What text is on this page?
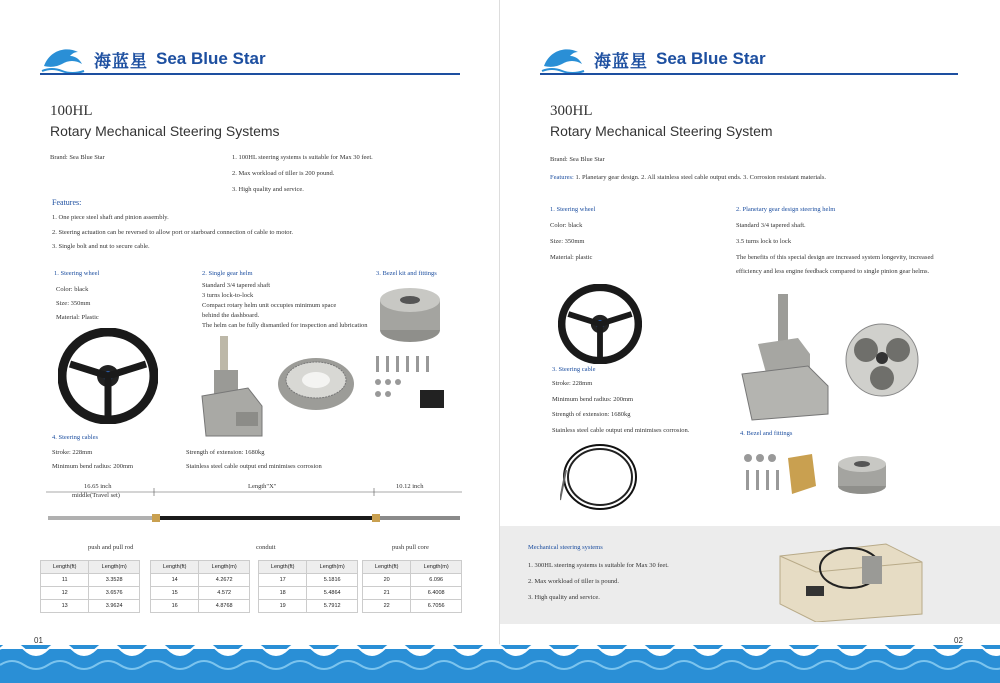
海蓝星 Sea Blue Star
100HL
Rotary Mechanical Steering Systems
Brand: Sea Blue Star	1. 100HL steering systems is suitable for Max 30 feet.
2. Max workload of tiller is 200 pound.
3. High quality and service.
Features:
1. One piece steel shaft and pinion assembly.
2. Steering actuation can be reversed to allow port or starboard connection of cable to motor.
3. Single bolt and nut to secure cable.
1. Steering wheel
Color: black
Size: 350mm
Material: Plastic
2. Single gear helm
Standard 3/4 tapered shaft
3 turns lock-to-lock
Compact rotary helm unit occupies minimum space
behind the dashboard.
The helm can be fully dismantled for inspection and lubrication
3. Bezel kit and fittings
4. Steering cables
Stroke: 228mm
Minimum bend radius: 200mm
Strength of extension: 1680kg
Stainless steel cable output end minimises corrosion
16.65 inch
middle(Travel set)
Length"X"	10.12 inch
push and pull rod	conduit	push pull core
Length(ft)	Length(m)
11	3.3528
12	3.6576
13	3.9624
Length(ft)	Length(m)
14	4.2672
15	4.572
16	4.8768
Length(ft)	Length(m)
17	5.1816
18	5.4864
19	5.7912
Length(ft)	Length(m)
20	6.096
21	6.4008
22	6.7056
01
海蓝星 Sea Blue Star
300HL
Rotary Mechanical Steering System
Brand: Sea Blue Star
Features: 1. Planetary gear design. 2. All stainless steel cable output ends. 3. Corrosion resistant materials.
1. Steering wheel
Color: black
Size: 350mm
Material: plastic
2. Planetary gear design steering helm
Standard 3/4 tapered shaft.
3.5 turns lock to lock
The benefits of this special design are increased system longevity, increased
efficiency and less engine feedback compared to single pinion gear helms.
3. Steering cable
Stroke: 228mm
Minimum bend radius: 200mm
Strength of extension: 1680kg
Stainless steel cable output end minimises corrosion.	4. Bezel and fittings
02
Mechanical steering systems
1. 300HL steering systems is suitable for Max 30 feet.
2. Max workload of tiller is pound.
3. High quality and service.
